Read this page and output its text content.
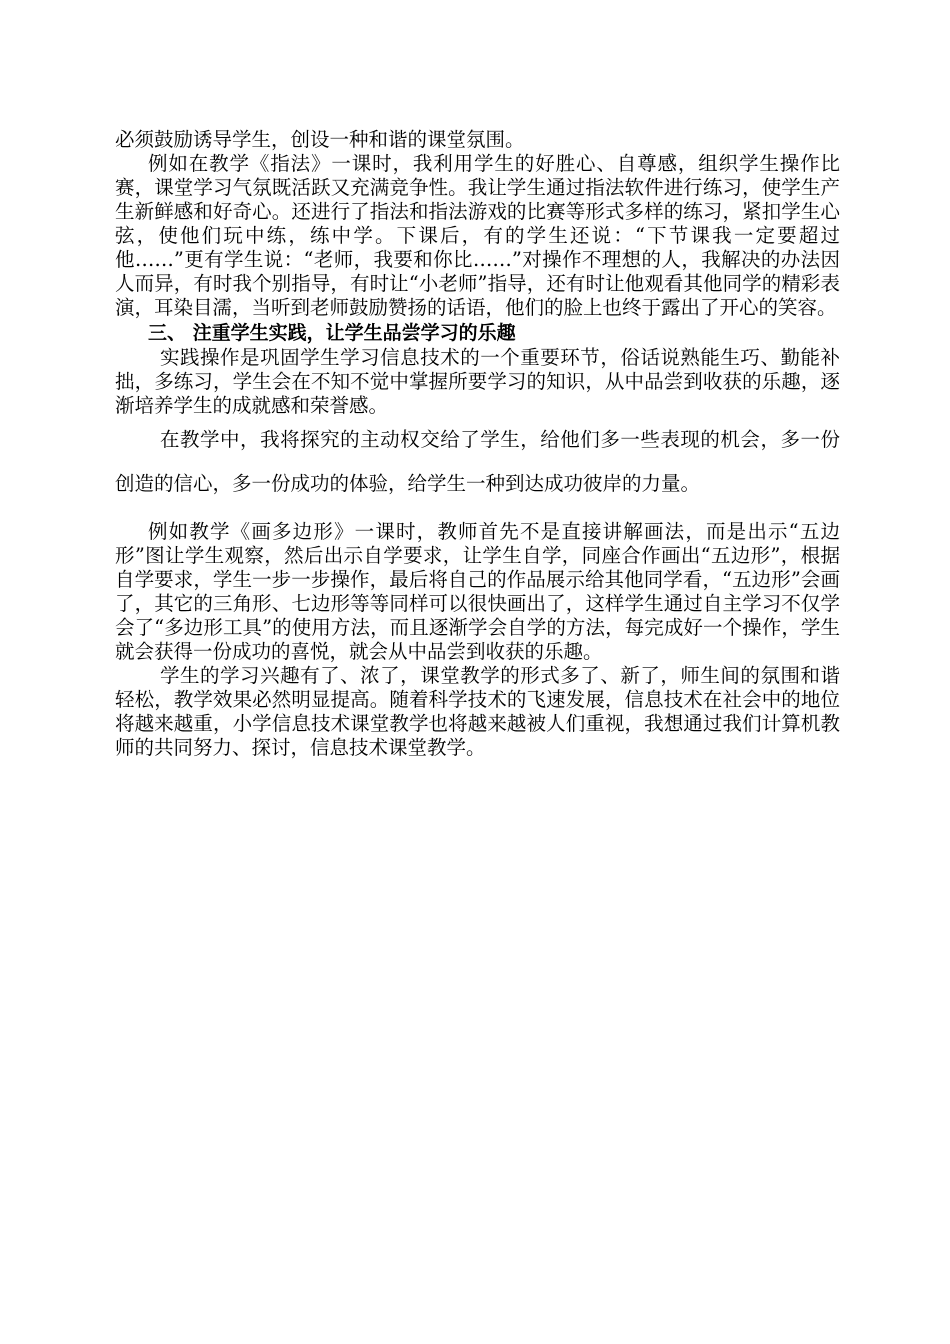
必须鼓励诱导学生，创设一种和谐的课堂氛围。

例如在教学《指法》一课时，我利用学生的好胜心、自尊感，组织学生操作比赛，课堂学习气氛既活跃又充满竞争性。我让学生通过指法软件进行练习，使学生产生新鲜感和好奇心。还进行了指法和指法游戏的比赛等形式多样的练习，紧扣学生心弦，使他们玩中练，练中学。下课后，有的学生还说：“下节课我一定要超过他……”更有学生说：“老师，我要和你比……”对操作不理想的人，我解决的办法因人而异，有时我个别指导，有时让“小老师”指导，还有时让他观看其他同学的精彩表演，耳染目濡，当听到老师鼓励赞扬的话语，他们的脸上也终于露出了开心的笑容。

三、 注重学生实践，让学生品尝学习的乐趣

实践操作是巩固学生学习信息技术的一个重要环节，俗话说熟能生巧、勤能补拙，多练习，学生会在不知不觉中掌握所要学习的知识，从中品尝到收获的乐趣，逐渐培养学生的成就感和荣誉感。

在教学中，我将探究的主动权交给了学生，给他们多一些表现的机会，多一份创造的信心，多一份成功的体验，给学生一种到达成功彼岸的力量。

例如教学《画多边形》一课时，教师首先不是直接讲解画法，而是出示“五边形”图让学生观察，然后出示自学要求，让学生自学，同座合作画出“五边形”，根据自学要求，学生一步一步操作，最后将自己的作品展示给其他同学看，“五边形”会画了，其它的三角形、七边形等等同样可以很快画出了，这样学生通过自主学习不仅学会了“多边形工具”的使用方法，而且逐渐学会自学的方法，每完成好一个操作，学生就会获得一份成功的喜悦，就会从中品尝到收获的乐趣。

学生的学习兴趣有了、浓了，课堂教学的形式多了、新了，师生间的氛围和谐轻松，教学效果必然明显提高。随着科学技术的飞速发展，信息技术在社会中的地位将越来越重，小学信息技术课堂教学也将越来越被人们重视，我想通过我们计算机教师的共同努力、探讨，信息技术课堂教学。
